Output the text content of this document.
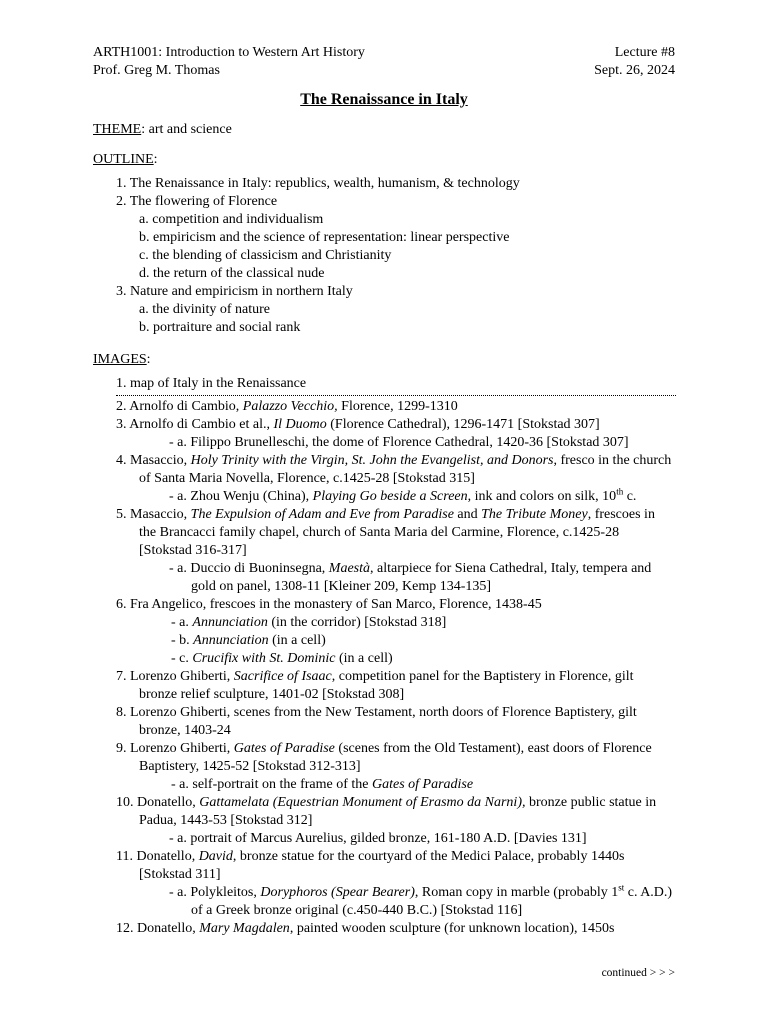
ARTH1001: Introduction to Western Art History	Lecture #8
Prof. Greg M. Thomas	Sept. 26, 2024
The Renaissance in Italy
THEME: art and science
OUTLINE:
1. The Renaissance in Italy: republics, wealth, humanism, & technology
2. The flowering of Florence
a. competition and individualism
b. empiricism and the science of representation: linear perspective
c. the blending of classicism and Christianity
d. the return of the classical nude
3. Nature and empiricism in northern Italy
a. the divinity of nature
b. portraiture and social rank
IMAGES:
1. map of Italy in the Renaissance
2. Arnolfo di Cambio, Palazzo Vecchio, Florence, 1299-1310
3. Arnolfo di Cambio et al., Il Duomo (Florence Cathedral), 1296-1471 [Stokstad 307]
- a. Filippo Brunelleschi, the dome of Florence Cathedral, 1420-36 [Stokstad 307]
4. Masaccio, Holy Trinity with the Virgin, St. John the Evangelist, and Donors, fresco in the church of Santa Maria Novella, Florence, c.1425-28 [Stokstad 315]
- a. Zhou Wenju (China), Playing Go beside a Screen, ink and colors on silk, 10th c.
5. Masaccio, The Expulsion of Adam and Eve from Paradise and The Tribute Money, frescoes in the Brancacci family chapel, church of Santa Maria del Carmine, Florence, c.1425-28 [Stokstad 316-317]
- a. Duccio di Buoninsegna, Maestà, altarpiece for Siena Cathedral, Italy, tempera and gold on panel, 1308-11 [Kleiner 209, Kemp 134-135]
6. Fra Angelico, frescoes in the monastery of San Marco, Florence, 1438-45
- a. Annunciation (in the corridor) [Stokstad 318]
- b. Annunciation (in a cell)
- c. Crucifix with St. Dominic (in a cell)
7. Lorenzo Ghiberti, Sacrifice of Isaac, competition panel for the Baptistery in Florence, gilt bronze relief sculpture, 1401-02 [Stokstad 308]
8. Lorenzo Ghiberti, scenes from the New Testament, north doors of Florence Baptistery, gilt bronze, 1403-24
9. Lorenzo Ghiberti, Gates of Paradise (scenes from the Old Testament), east doors of Florence Baptistery, 1425-52 [Stokstad 312-313]
- a. self-portrait on the frame of the Gates of Paradise
10. Donatello, Gattamelata (Equestrian Monument of Erasmo da Narni), bronze public statue in Padua, 1443-53 [Stokstad 312]
- a. portrait of Marcus Aurelius, gilded bronze, 161-180 A.D. [Davies 131]
11. Donatello, David, bronze statue for the courtyard of the Medici Palace, probably 1440s [Stokstad 311]
- a. Polykleitos, Doryphoros (Spear Bearer), Roman copy in marble (probably 1st c. A.D.) of a Greek bronze original (c.450-440 B.C.) [Stokstad 116]
12. Donatello, Mary Magdalen, painted wooden sculpture (for unknown location), 1450s
continued > > >
